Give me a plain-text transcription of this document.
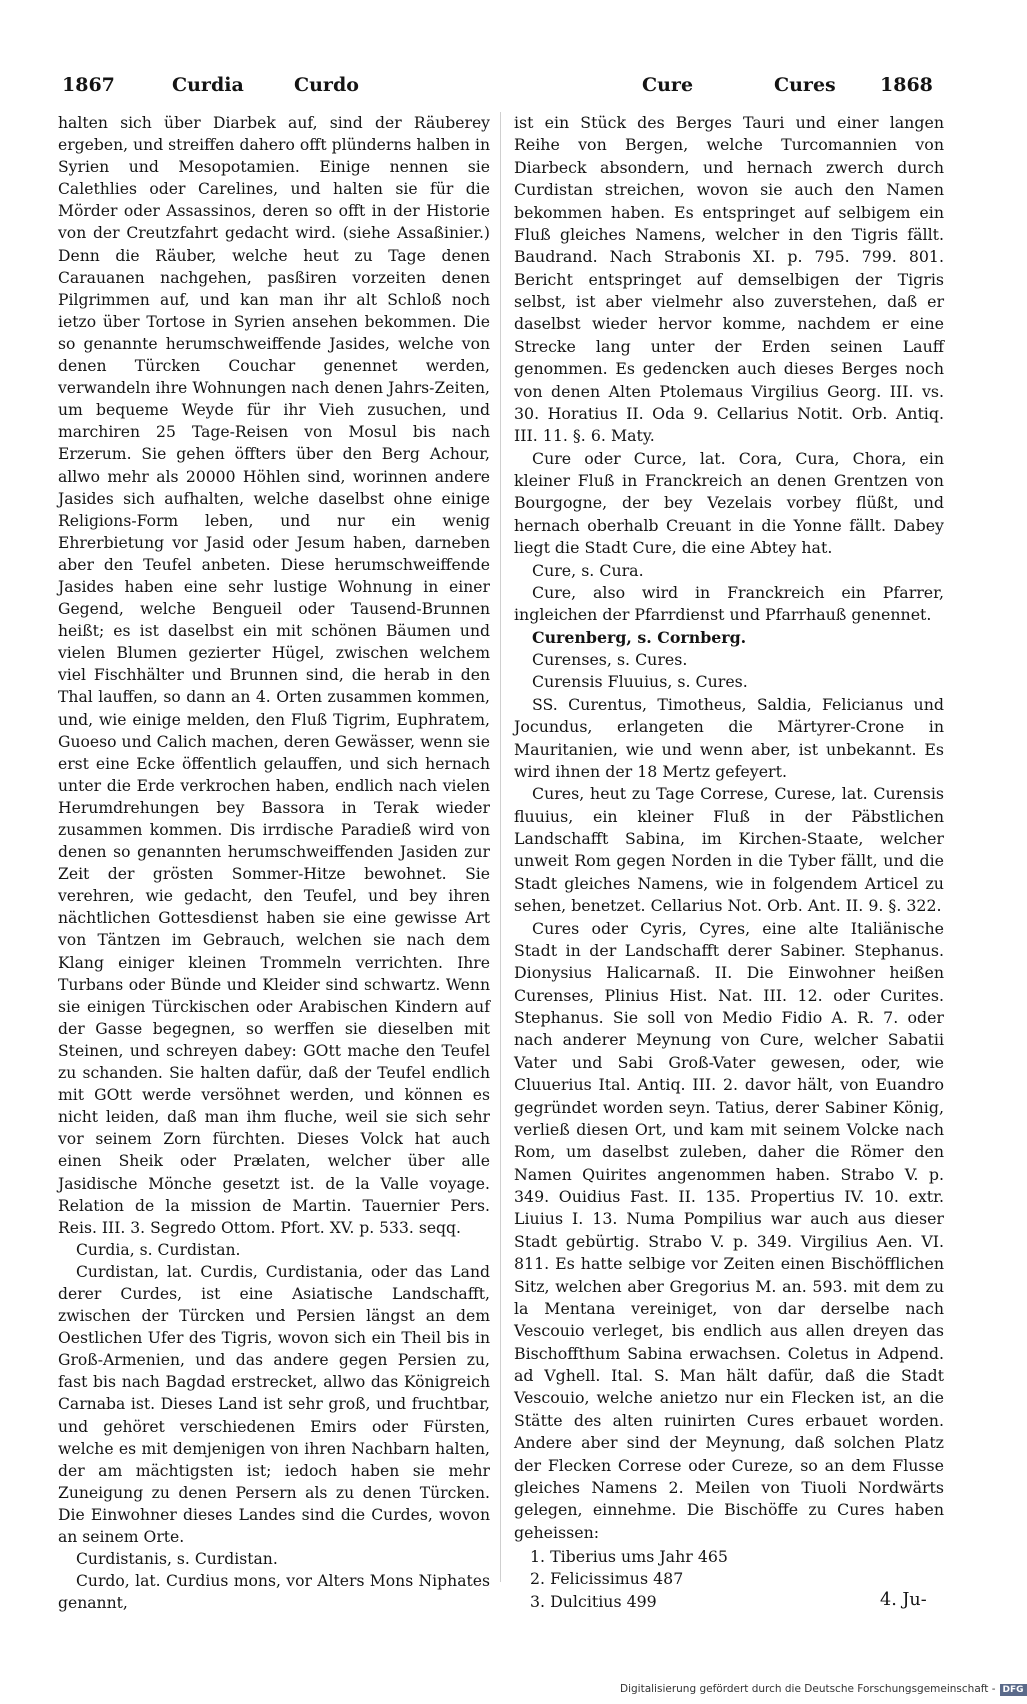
1867	Curdia	Curdo	Cure	Cures 1868

halten sich über Diarbek auf, sind der Räuberey ergeben, und streiffen dahero offt plünderns halben in Syrien und Mesopotamien. Einige nennen sie Calethlies oder Carelines, und halten sie für die Mörder oder Assassinos, deren so offt in der Historie von der Creutzfahrt gedacht wird. (siehe Assaßinier.) Denn die Räuber, welche heut zu Tage denen Carauanen nachgehen, pasßiren vorzeiten denen Pilgrimmen auf, und kan man ihr alt Schloß noch ietzo über Tortose in Syrien ansehen bekommen. Die so genannte herumschweiffende Jasides, welche von denen Türcken Couchar genennet werden, verwandeln ihre Wohnungen nach denen Jahrs-Zeiten, um bequeme Weyde für ihr Vieh zusuchen, und marchiren 25 Tage-Reisen von Mosul bis nach Erzerum. Sie gehen öffters über den Berg Achour, allwo mehr als 20000 Höhlen sind, worinnen andere Jasides sich aufhalten, welche daselbst ohne einige Religions-Form leben, und nur ein wenig Ehrerbietung vor Jasid oder Jesum haben, darneben aber den Teufel anbeten. Diese herumschweiffende Jasides haben eine sehr lustige Wohnung in einer Gegend, welche Bengueil oder Tausend-Brunnen heißt; es ist daselbst ein mit schönen Bäumen und vielen Blumen gezierter Hügel, zwischen welchem viel Fischhälter und Brunnen sind, die herab in den Thal lauffen, so dann an 4. Orten zusammen kommen, und, wie einige melden, den Fluß Tigrim, Euphratem, Guoeso und Calich machen, deren Gewässer, wenn sie erst eine Ecke öffentlich gelauffen, und sich hernach unter die Erde verkrochen haben, endlich nach vielen Herumdrehungen bey Bassora in Terak wieder zusammen kommen. Dis irrdische Paradieß wird von denen so genannten herumschweiffenden Jasiden zur Zeit der grösten Sommer-Hitze bewohnet. Sie verehren, wie gedacht, den Teufel, und bey ihren nächtlichen Gottesdienst haben sie eine gewisse Art von Täntzen im Gebrauch, welchen sie nach dem Klang einiger kleinen Trommeln verrichten. Ihre Turbans oder Bünde und Kleider sind schwartz. Wenn sie einigen Türckischen oder Arabischen Kindern auf der Gasse begegnen, so werffen sie dieselben mit Steinen, und schreyen dabey: GOtt mache den Teufel zu schanden. Sie halten dafür, daß der Teufel endlich mit GOtt werde versöhnet werden, und können es nicht leiden, daß man ihm fluche, weil sie sich sehr vor seinem Zorn fürchten. Dieses Volck hat auch einen Sheik oder Prælaten, welcher über alle Jasidische Mönche gesetzt ist. de la Valle voyage. Relation de la mission de Martin. Tauernier Pers. Reis. III. 3. Segredo Ottom. Pfort. XV. p. 533. seqq.

Curdia, s. Curdistan.

Curdistan, lat. Curdis, Curdistania, oder das Land derer Curdes, ist eine Asiatische Landschafft, zwischen der Türcken und Persien längst an dem Oestlichen Ufer des Tigris, wovon sich ein Theil bis in Groß-Armenien, und das andere gegen Persien zu, fast bis nach Bagdad erstrecket, allwo das Königreich Carnaba ist. Dieses Land ist sehr groß, und fruchtbar, und gehöret verschiedenen Emirs oder Fürsten, welche es mit demjenigen von ihren Nachbarn halten, der am mächtigsten ist; iedoch haben sie mehr Zuneigung zu denen Persern als zu denen Türcken. Die Einwohner dieses Landes sind die Curdes, wovon an seinem Orte.

Curdistanis, s. Curdistan.

Curdo, lat. Curdius mons, vor Alters Mons Niphates genannt,

ist ein Stück des Berges Tauri und einer langen Reihe von Bergen, welche Turcomannien von Diarbeck absondern, und hernach zwerch durch Curdistan streichen, wovon sie auch den Namen bekommen haben. Es entspringet auf selbigem ein Fluß gleiches Namens, welcher in den Tigris fällt. Baudrand. Nach Strabonis XI. p. 795. 799. 801. Bericht entspringet auf demselbigen der Tigris selbst, ist aber vielmehr also zuverstehen, daß er daselbst wieder hervor komme, nachdem er eine Strecke lang unter der Erden seinen Lauff genommen. Es gedencken auch dieses Berges noch von denen Alten Ptolemaus Virgilius Georg. III. vs. 30. Horatius II. Oda 9. Cellarius Notit. Orb. Antiq. III. 11. §. 6. Maty.

Cure oder Curce, lat. Cora, Cura, Chora, ein kleiner Fluß in Franckreich an denen Grentzen von Bourgogne, der bey Vezelais vorbey flüßt, und hernach oberhalb Creuant in die Yonne fällt. Dabey liegt die Stadt Cure, die eine Abtey hat.

Cure, s. Cura.

Cure, also wird in Franckreich ein Pfarrer, ingleichen der Pfarrdienst und Pfarrhauß genennet.

Curenberg, s. Cornberg.

Curenses, s. Cures.

Curensis Fluuius, s. Cures.

SS. Curentus, Timotheus, Saldia, Felicianus und Jocundus, erlangeten die Märtyrer-Crone in Mauritanien, wie und wenn aber, ist unbekannt. Es wird ihnen der 18 Mertz gefeyert.

Cures, heut zu Tage Correse, Curese, lat. Curensis fluuius, ein kleiner Fluß in der Päbstlichen Landschafft Sabina, im Kirchen-Staate, welcher unweit Rom gegen Norden in die Tyber fällt, und die Stadt gleiches Namens, wie in folgendem Articel zu sehen, benetzet. Cellarius Not. Orb. Ant. II. 9. §. 322.

Cures oder Cyris, Cyres, eine alte Italiänische Stadt in der Landschafft derer Sabiner. Stephanus. Dionysius Halicarnaß. II. Die Einwohner heißen Curenses, Plinius Hist. Nat. III. 12. oder Curites. Stephanus. Sie soll von Medio Fidio A. R. 7. oder nach anderer Meynung von Cure, welcher Sabatii Vater und Sabi Groß-Vater gewesen, oder, wie Cluuerius Ital. Antiq. III. 2. davor hält, von Euandro gegründet worden seyn. Tatius, derer Sabiner König, verließ diesen Ort, und kam mit seinem Volcke nach Rom, um daselbst zuleben, daher die Römer den Namen Quirites angenommen haben. Strabo V. p. 349. Ouidius Fast. II. 135. Propertius IV. 10. extr. Liuius I. 13. Numa Pompilius war auch aus dieser Stadt gebürtig. Strabo V. p. 349. Virgilius Aen. VI. 811. Es hatte selbige vor Zeiten einen Bischöfflichen Sitz, welchen aber Gregorius M. an. 593. mit dem zu la Mentana vereiniget, von dar derselbe nach Vescouio verleget, bis endlich aus allen dreyen das Bischoffthum Sabina erwachsen. Coletus in Adpend. ad Vghell. Ital. S. Man hält dafür, daß die Stadt Vescouio, welche anietzo nur ein Flecken ist, an die Stätte des alten ruinirten Cures erbauet worden. Andere aber sind der Meynung, daß solchen Platz der Flecken Correse oder Cureze, so an dem Flusse gleiches Namens 2. Meilen von Tiuoli Nordwärts gelegen, einnehme. Die Bischöffe zu Cures haben geheissen:

1. Tiberius ums Jahr 465
2. Felicissimus 487
3. Dulcitius 499	4. Ju-
Digitalisierung gefördert durch die Deutsche Forschungsgemeinschaft - DFG
